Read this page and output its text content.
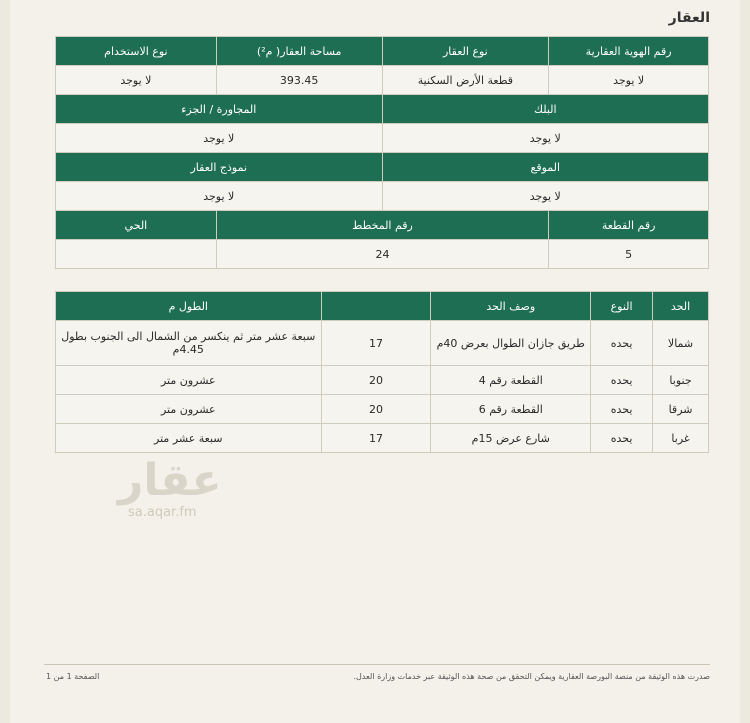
العقار
رقم الهوية العقارية	نوع العقار	مساحة العقار( م²)	نوع الاستخدام
لا يوجد	قطعة الأرض السكنية	393.45	لا يوجد
البلك		المجاورة / الجزء	
لا يوجد		لا يوجد	
الموقع		نموذج العقار	
لا يوجد		لا يوجد	
رقم القطعة	رقم المخطط		الحي
5	24		
الحد	النوع	وصف الحد		الطول م
شمالا	يحده	طريق جازان الطوال بعرض 40م	17	سبعة عشر متر ثم ينكسر من الشمال الى الجنوب بطول 4.45م
جنوبا	يحده	القطعة رقم 4	20	عشرون متر
شرقا	يحده	القطعة رقم 6	20	عشرون متر
غربا	يحده	شارع عرض 15م	17	سبعة عشر متر
عقار
sa.aqar.fm
صدرت هذه الوثيقة من منصة البورصة العقارية ويمكن التحقق من صحة هذه الوثيقة عبر خدمات وزارة العدل.
الصفحة 1 من 1
